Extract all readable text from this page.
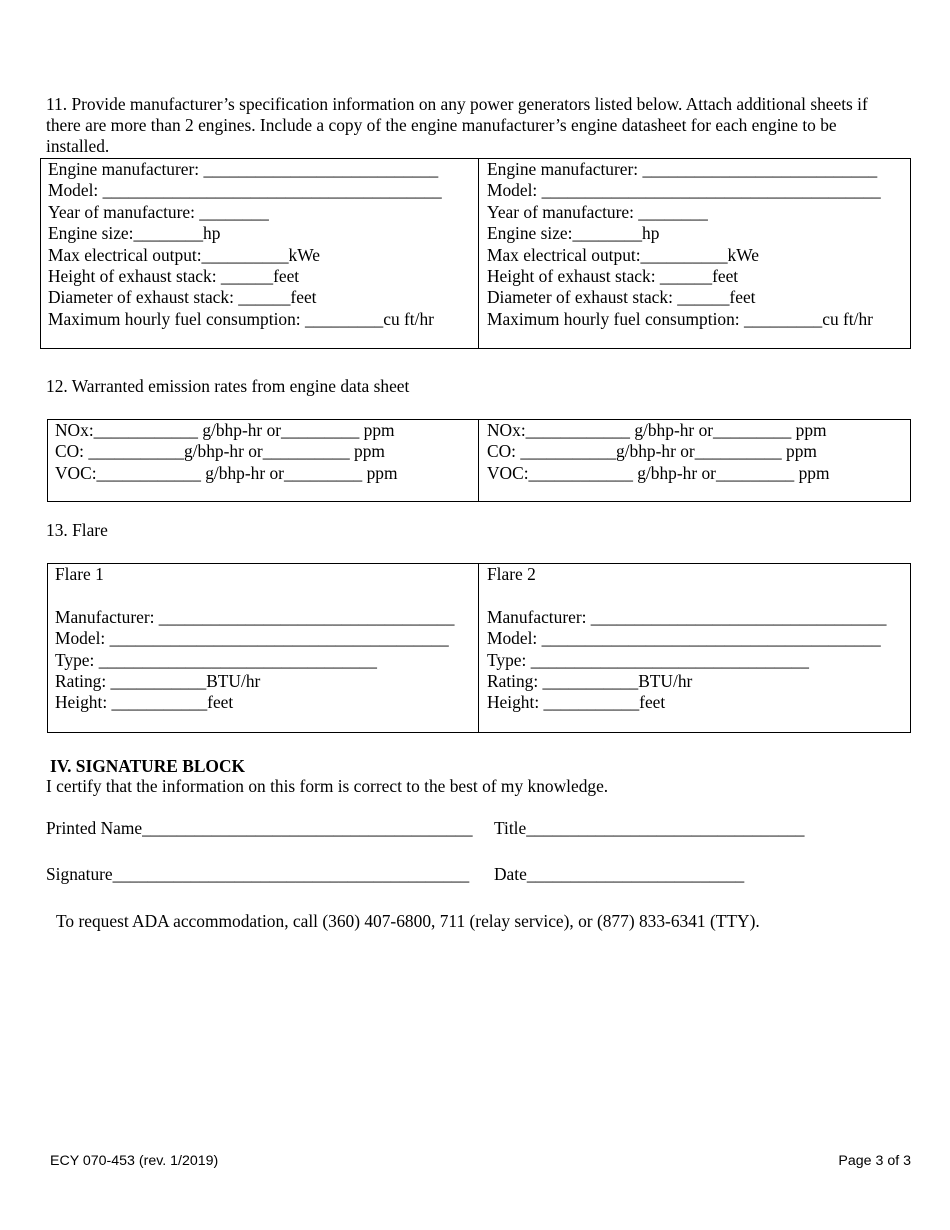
11. Provide manufacturer’s specification information on any power generators listed below. Attach additional sheets if there are more than 2 engines. Include a copy of the engine manufacturer’s engine datasheet for each engine to be installed.
Engine manufacturer: ___________________________
Model: _______________________________________
Year of manufacture: ________
Engine size:________hp
Max electrical output:__________kWe
Height of exhaust stack: ______feet
Diameter of exhaust stack: ______feet
Maximum hourly fuel consumption: _________cu ft/hr
Engine manufacturer: ___________________________
Model: _______________________________________
Year of manufacture: ________
Engine size:________hp
Max electrical output:__________kWe
Height of exhaust stack: ______feet
Diameter of exhaust stack: ______feet
Maximum hourly fuel consumption: _________cu ft/hr
12. Warranted emission rates from engine data sheet
NOx:____________ g/bhp-hr or_________ ppm
CO: ___________g/bhp-hr or__________ ppm
VOC:____________ g/bhp-hr or_________ ppm
NOx:____________ g/bhp-hr or_________ ppm
CO: ___________g/bhp-hr or__________ ppm
VOC:____________ g/bhp-hr or_________ ppm
13. Flare
Flare 1

Manufacturer: __________________________________
Model: _______________________________________
Type: ________________________________
Rating: ___________BTU/hr
Height: ___________feet
Flare 2

Manufacturer: __________________________________
Model: _______________________________________
Type: ________________________________
Rating: ___________BTU/hr
Height: ___________feet
IV. SIGNATURE BLOCK
I certify that the information on this form is correct to the best of my knowledge.
Printed Name______________________________________ Title________________________________
Signature_________________________________________ Date_________________________
To request ADA accommodation, call (360) 407-6800, 711 (relay service), or (877) 833-6341 (TTY).
ECY 070-453 (rev. 1/2019)	Page 3 of 3
